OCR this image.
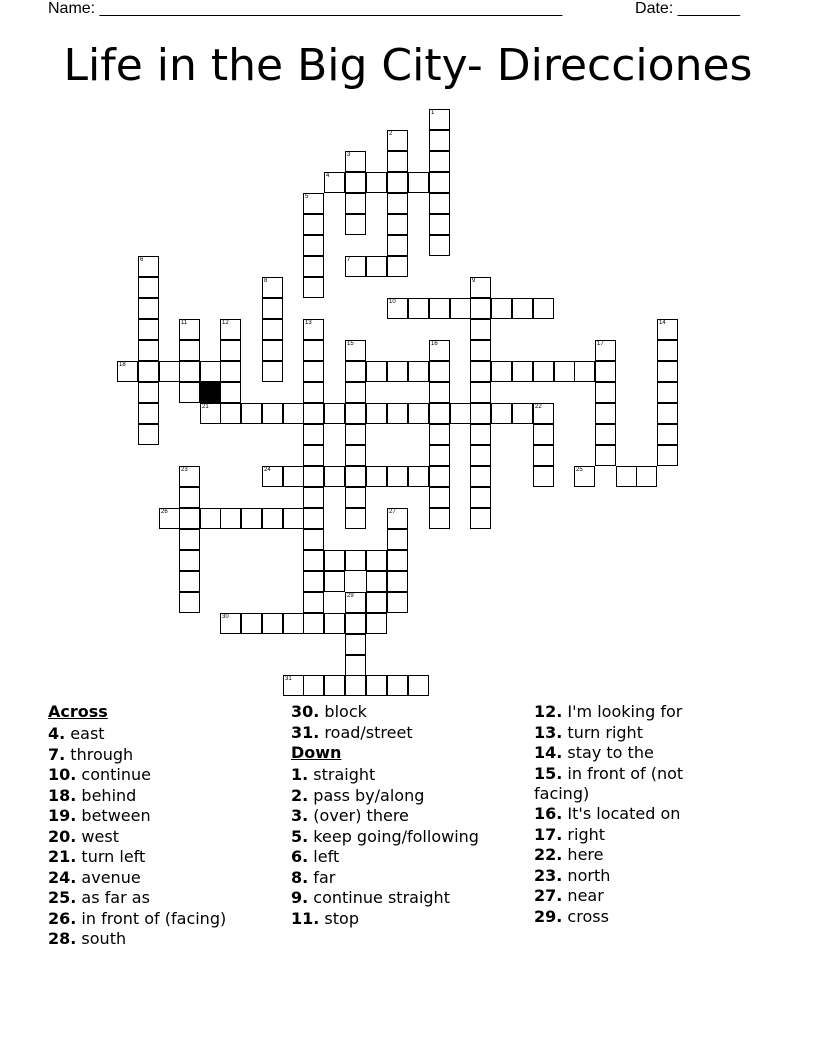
Name: ____________________________________________________	Date: _______
Life in the Big City- Direcciones
1
2
3
4
5
7
6
8	9
10
11	12	13	14
15	16	17
18
21	22
23	24	25
26	27
29
30
31
Across
4. east
7. through
10. continue
18. behind
19. between
20. west
21. turn left
24. avenue
25. as far as
26. in front of (facing)
28. south
30. block
31. road/street
Down
1. straight
2. pass by/along
3. (over) there
5. keep going/following
6. left
8. far
9. continue straight
11. stop
12. I'm looking for
13. turn right
14. stay to the
15. in front of (not facing)
16. It's located on
17. right
22. here
23. north
27. near
29. cross
